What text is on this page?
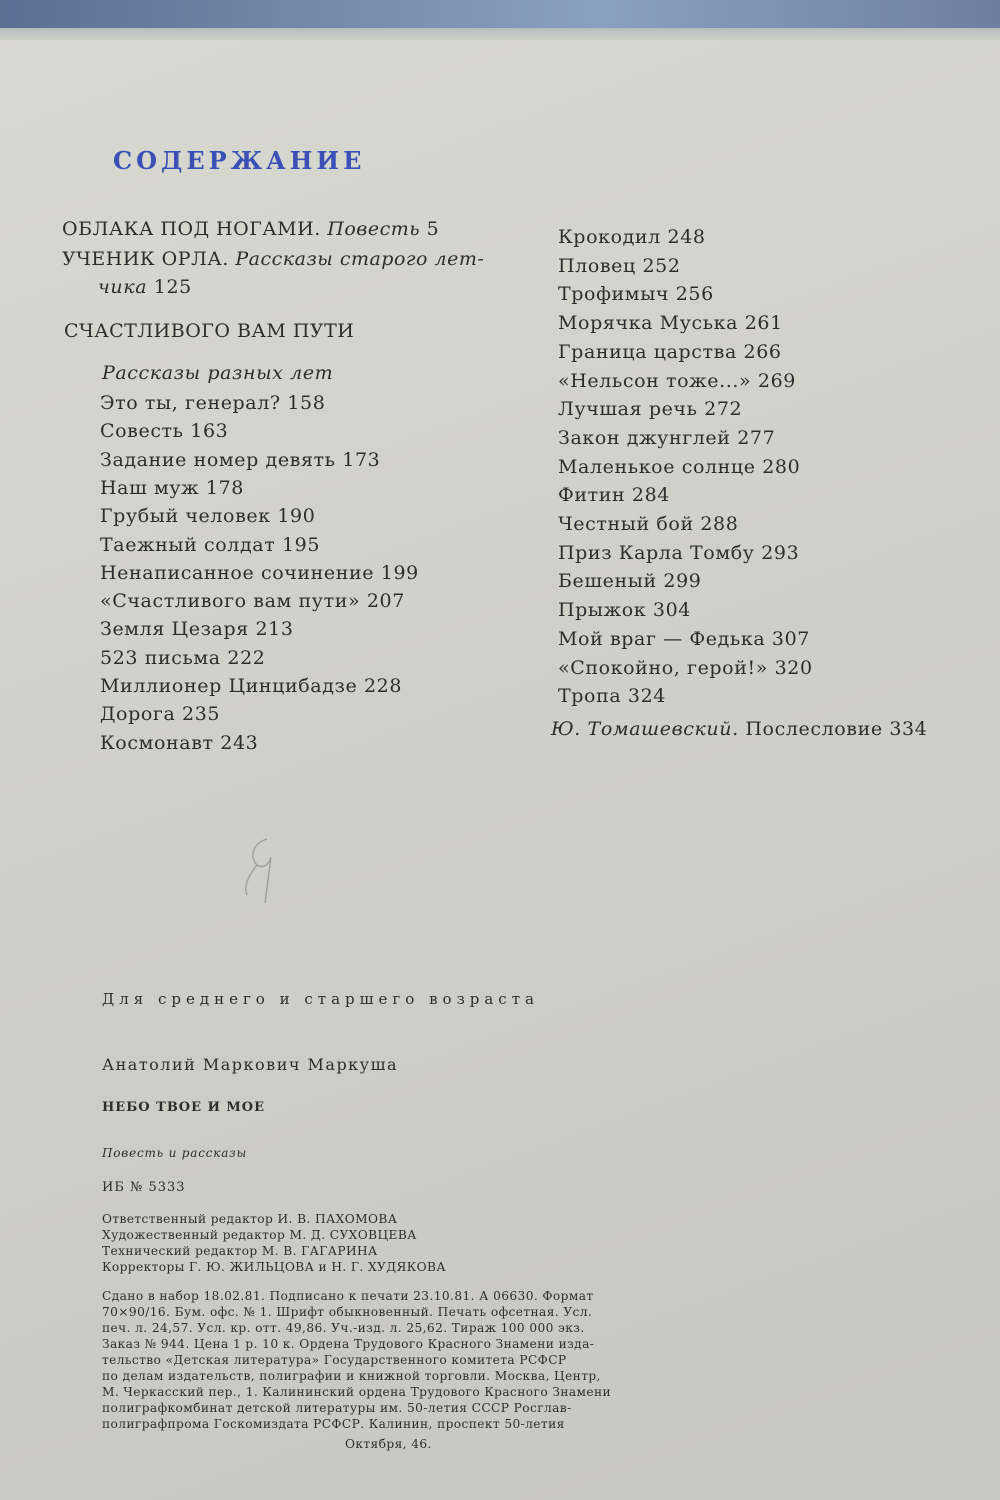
СОДЕРЖАНИЕ
ОБЛАКА ПОД НОГАМИ. Повесть 5
УЧЕНИК ОРЛА. Рассказы старого лет-
чика 125
СЧАСТЛИВОГО ВАМ ПУТИ
Рассказы разных лет
Это ты, генерал? 158
Совесть 163
Задание номер девять 173
Наш муж 178
Грубый человек 190
Таежный солдат 195
Ненаписанное сочинение 199
«Счастливого вам пути» 207
Земля Цезаря 213
523 письма 222
Миллионер Цинцибадзе 228
Дорога 235
Космонавт 243
Крокодил 248
Пловец 252
Трофимыч 256
Морячка Муська 261
Граница царства 266
«Нельсон тоже...» 269
Лучшая речь 272
Закон джунглей 277
Маленькое солнце 280
Фитин 284
Честный бой 288
Приз Карла Томбу 293
Бешеный 299
Прыжок 304
Мой враг — Федька 307
«Спокойно, герой!» 320
Тропа 324
Ю. Томашевский. Послесловие 334
Для среднего и старшего возраста
Анатолий Маркович Маркуша
НЕБО ТВОЕ И МОЕ
Повесть и рассказы
ИБ № 5333
Ответственный редактор И. В. ПАХОМОВА
Художественный редактор М. Д. СУХОВЦЕВА
Технический редактор М. В. ГАГАРИНА
Корректоры Г. Ю. ЖИЛЬЦОВА и Н. Г. ХУДЯКОВА
Сдано в набор 18.02.81. Подписано к печати 23.10.81. А 06630. Формат
70×90/16. Бум. офс. № 1. Шрифт обыкновенный. Печать офсетная. Усл.
печ. л. 24,57. Усл. кр. отт. 49,86. Уч.-изд. л. 25,62. Тираж 100 000 экз.
Заказ № 944. Цена 1 р. 10 к. Ордена Трудового Красного Знамени изда-
тельство «Детская литература» Государственного комитета РСФСР
по делам издательств, полиграфии и книжной торговли. Москва, Центр,
М. Черкасский пер., 1. Калининский ордена Трудового Красного Знамени
полиграфкомбинат детской литературы им. 50-летия СССР Росглав-
полиграфпрома Госкомиздата РСФСР. Калинин, проспект 50-летия
Октября, 46.
